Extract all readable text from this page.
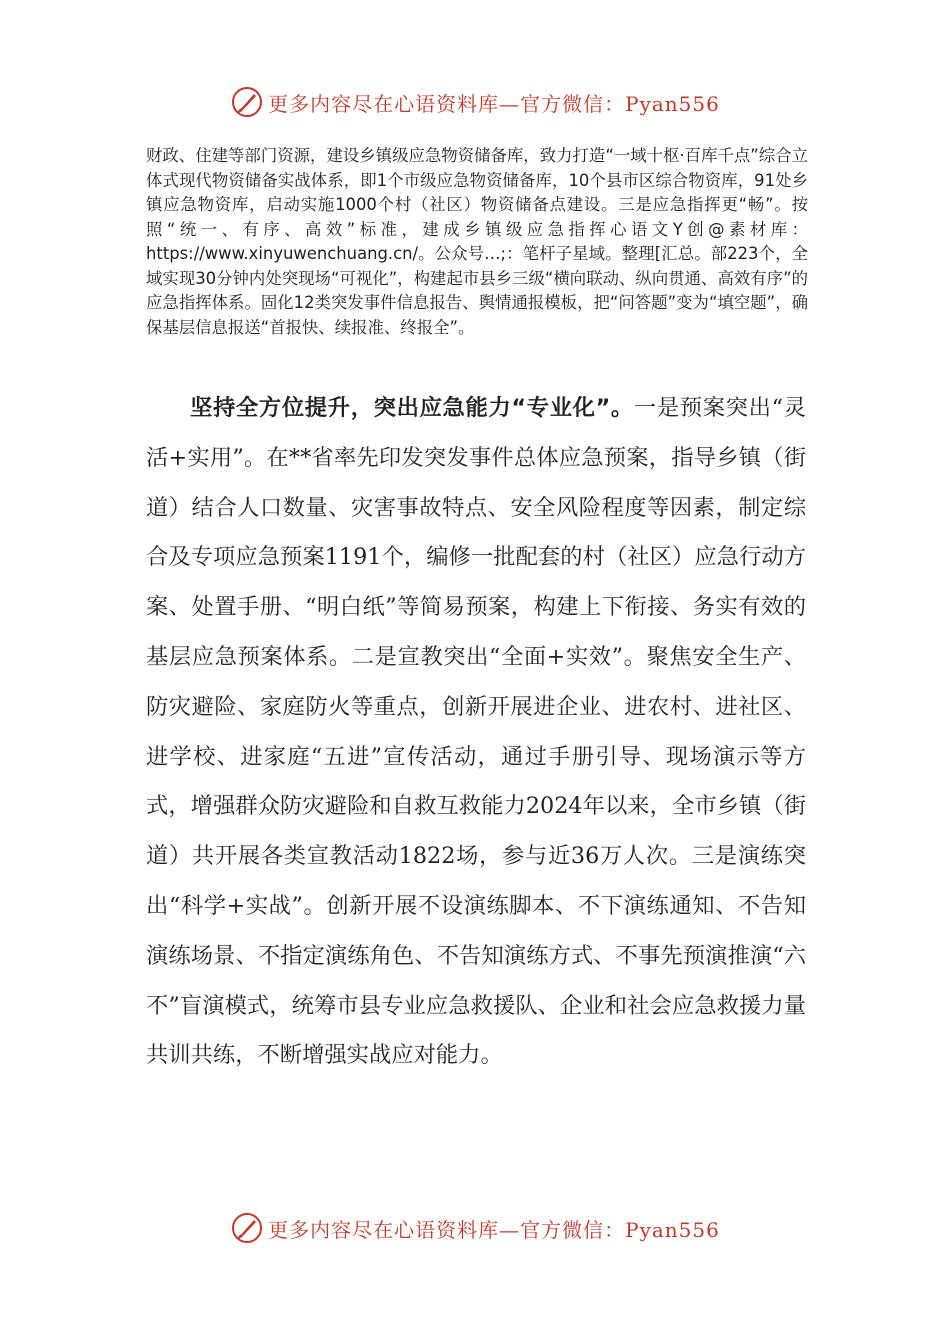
更多内容尽在心语资料库—官方微信：Pyan556

财政、住建等部门资源，建设乡镇级应急物资储备库，致力打造“一域十枢·百库千点”综合立体式现代物资储备实战体系，即1个市级应急物资储备库，10个县市区综合物资库，91处乡镇应急物资库，启动实施1000个村（社区）物资储备点建设。三是应急指挥更“畅”。按照“统一、有序、高效”标准，建成乡镇级应急指挥心语文Y创@素材库：https://www.xinyuwenchuang.cn/。公众号…;：笔杆子星域。整理[汇总。部223个，全域实现30分钟内处突现场“可视化”，构建起市县乡三级“横向联动、纵向贯通、高效有序”的应急指挥体系。固化12类突发事件信息报告、舆情通报模板，把“问答题”变为“填空题”，确保基层信息报送“首报快、续报准、终报全”。

坚持全方位提升，突出应急能力“专业化”。一是预案突出“灵活+实用”。在**省率先印发突发事件总体应急预案，指导乡镇（街道）结合人口数量、灾害事故特点、安全风险程度等因素，制定综合及专项应急预案1191个，编修一批配套的村（社区）应急行动方案、处置手册、“明白纸”等简易预案，构建上下衔接、务实有效的基层应急预案体系。二是宣教突出“全面+实效”。聚焦安全生产、防灾避险、家庭防火等重点，创新开展进企业、进农村、进社区、进学校、进家庭“五进”宣传活动，通过手册引导、现场演示等方式，增强群众防灾避险和自救互救能力2024年以来，全市乡镇（街道）共开展各类宣教活动1822场，参与近36万人次。三是演练突出“科学+实战”。创新开展不设演练脚本、不下演练通知、不告知演练场景、不指定演练角色、不告知演练方式、不事先预演推演“六不”盲演模式，统筹市县专业应急救援队、企业和社会应急救援力量共训共练，不断增强实战应对能力。

更多内容尽在心语资料库—官方微信：Pyan556
